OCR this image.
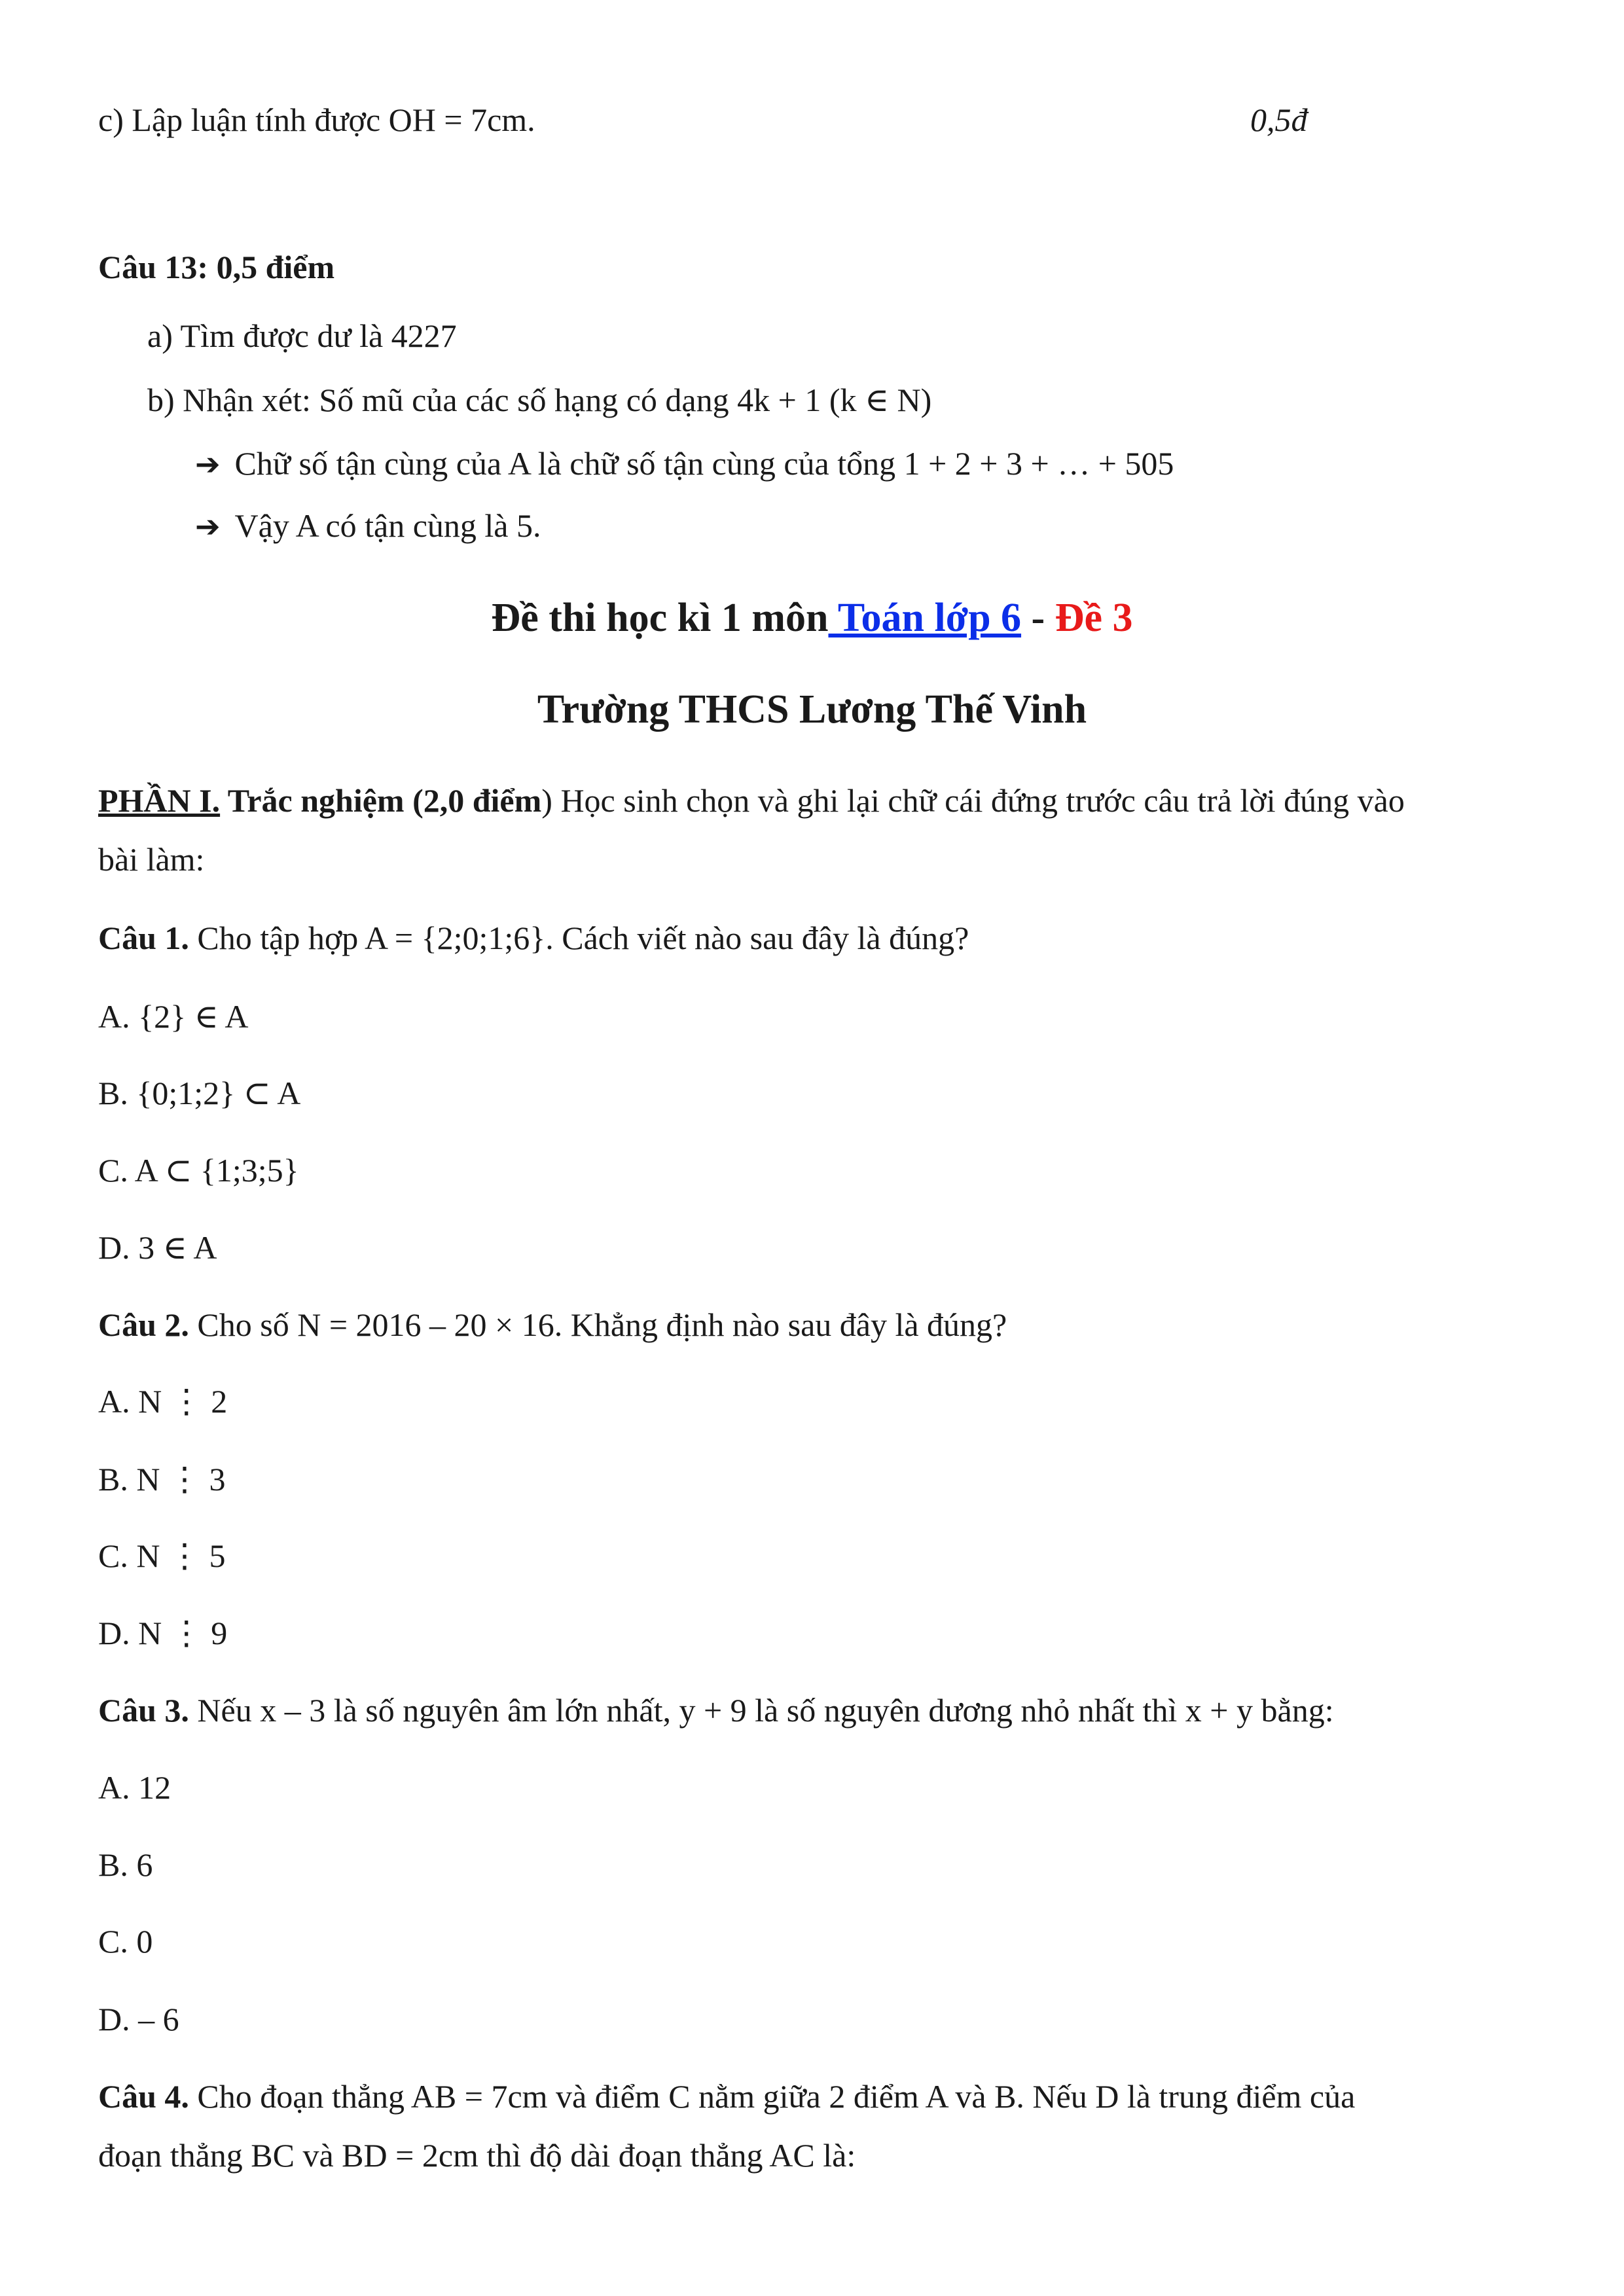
c) Lập luận tính được OH = 7cm.	0,5đ
Câu 13: 0,5 điểm
a) Tìm được dư là 4227
b) Nhận xét: Số mũ của các số hạng có dạng 4k + 1 (k ∈ N)
➔ Chữ số tận cùng của A là chữ số tận cùng của tổng 1 + 2 + 3 + … + 505
➔ Vậy A có tận cùng là 5.
Đề thi học kì 1 môn Toán lớp 6 - Đề 3
Trường THCS Lương Thế Vinh
PHẦN I. Trắc nghiệm (2,0 điểm) Học sinh chọn và ghi lại chữ cái đứng trước câu trả lời đúng vào
bài làm:
Câu 1. Cho tập hợp A = {2;0;1;6}. Cách viết nào sau đây là đúng?
A. {2} ∈ A
B. {0;1;2} ⊂ A
C. A ⊂ {1;3;5}
D. 3 ∈ A
Câu 2. Cho số N = 2016 – 20 × 16. Khẳng định nào sau đây là đúng?
A. N ⋮ 2
B. N ⋮ 3
C. N ⋮ 5
D. N ⋮ 9
Câu 3. Nếu x – 3 là số nguyên âm lớn nhất, y + 9 là số nguyên dương nhỏ nhất thì x + y bằng:
A. 12
B. 6
C. 0
D. – 6
Câu 4. Cho đoạn thẳng AB = 7cm và điểm C nằm giữa 2 điểm A và B. Nếu D là trung điểm của
đoạn thẳng BC và BD = 2cm thì độ dài đoạn thẳng AC là:
